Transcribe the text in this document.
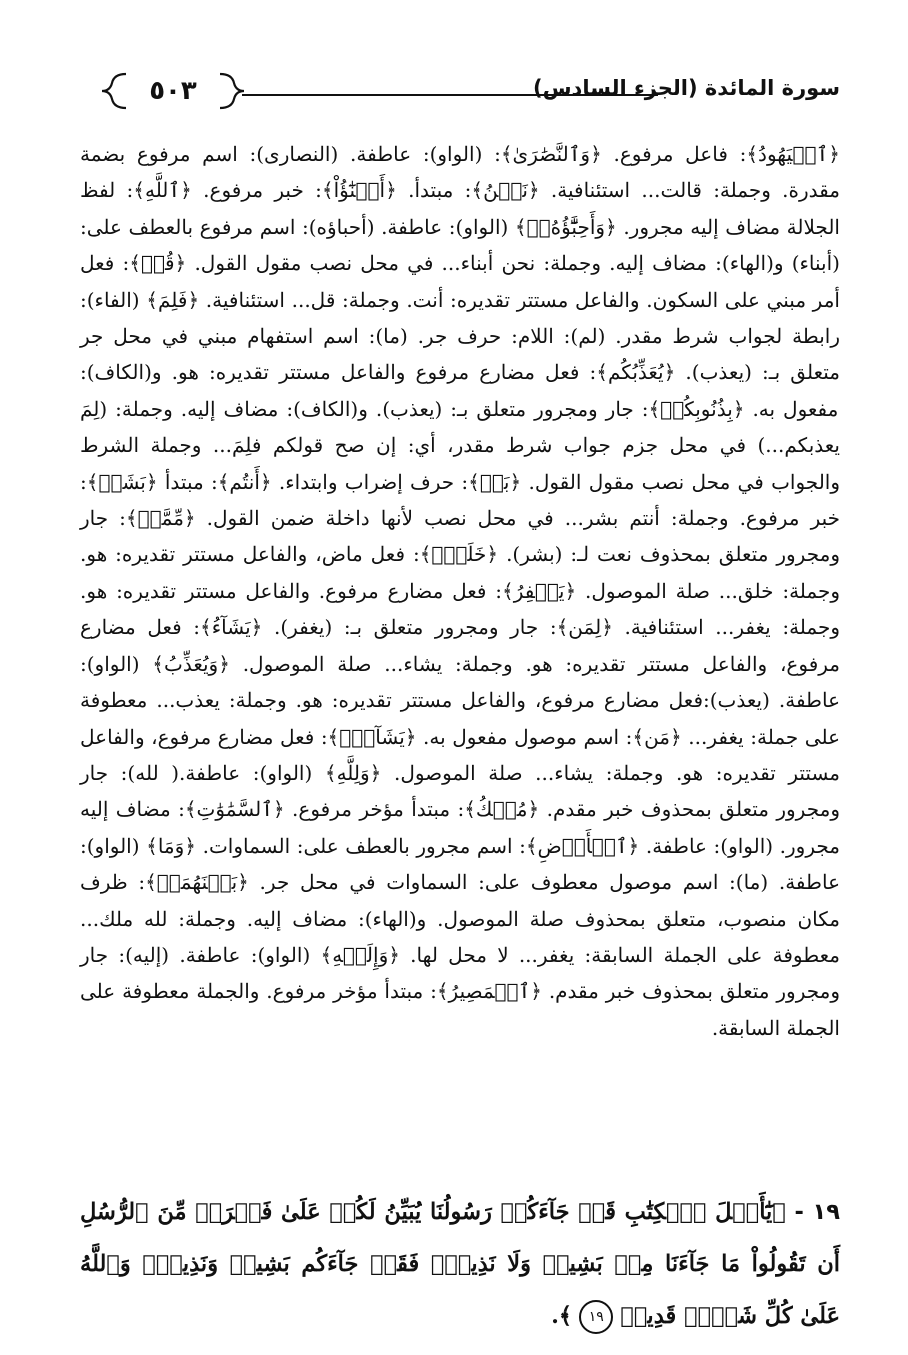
٥٠٣	سورة المائدة (الجزء السادس)
﴿ٱلۡيَهُودُ﴾: فاعل مرفوع. ﴿وَٱلنَّصَٰرَىٰ﴾: (الواو): عاطفة. (النصارى): اسم مرفوع بضمة مقدرة. وجملة: قالت... استئنافية. ﴿نَحۡنُ﴾: مبتدأ. ﴿أَبۡنَٰٓؤُاْ﴾: خبر مرفوع. ﴿ٱللَّهِ﴾: لفظ الجلالة مضاف إليه مجرور. ﴿وَأَحِبَّٰٓؤُهُۥۚ﴾ (الواو): عاطفة. (أحباؤه): اسم مرفوع بالعطف على: (أبناء) و(الهاء): مضاف إليه. وجملة: نحن أبناء... في محل نصب مقول القول. ﴿قُلۡ﴾: فعل أمر مبني على السكون. والفاعل مستتر تقديره: أنت. وجملة: قل... استئنافية. ﴿فَلِمَ﴾ (الفاء): رابطة لجواب شرط مقدر. (لم): اللام: حرف جر. (ما): اسم استفهام مبني في محل جر متعلق بـ: (يعذب). ﴿يُعَذِّبُكُم﴾: فعل مضارع مرفوع والفاعل مستتر تقديره: هو. و(الكاف): مفعول به. ﴿بِذُنُوبِكُمۖ﴾: جار ومجرور متعلق بـ: (يعذب). و(الكاف): مضاف إليه. وجملة: (لِمَ يعذبكم...) في محل جزم جواب شرط مقدر، أي: إن صح قولكم فلِمَ... وجملة الشرط والجواب في محل نصب مقول القول. ﴿بَلۡ﴾: حرف إضراب وابتداء. ﴿أَنتُم﴾: مبتدأ ﴿بَشَرٞ﴾: خبر مرفوع. وجملة: أنتم بشر... في محل نصب لأنها داخلة ضمن القول. ﴿مِّمَّنۡ﴾: جار ومجرور متعلق بمحذوف نعت لـ: (بشر). ﴿خَلَقَۚ﴾: فعل ماض، والفاعل مستتر تقديره: هو. وجملة: خلق... صلة الموصول. ﴿يَغۡفِرُ﴾: فعل مضارع مرفوع. والفاعل مستتر تقديره: هو. وجملة: يغفر... استئنافية. ﴿لِمَن﴾: جار ومجرور متعلق بـ: (يغفر). ﴿يَشَآءُ﴾: فعل مضارع مرفوع، والفاعل مستتر تقديره: هو. وجملة: يشاء... صلة الموصول. ﴿وَيُعَذِّبُ﴾ (الواو): عاطفة. (يعذب):فعل مضارع مرفوع، والفاعل مستتر تقديره: هو. وجملة: يعذب... معطوفة على جملة: يغفر... ﴿مَن﴾: اسم موصول مفعول به. ﴿يَشَآءُۚ﴾: فعل مضارع مرفوع، والفاعل مستتر تقديره: هو. وجملة: يشاء... صلة الموصول. ﴿وَلِلَّهِ﴾ (الواو): عاطفة.( لله): جار ومجرور متعلق بمحذوف خبر مقدم. ﴿مُلۡكُ﴾: مبتدأ مؤخر مرفوع. ﴿ٱلسَّمَٰوَٰتِ﴾: مضاف إليه مجرور. (الواو): عاطفة. ﴿ٱلۡأَرۡضِ﴾: اسم مجرور بالعطف على: السماوات. ﴿وَمَا﴾ (الواو): عاطفة. (ما): اسم موصول معطوف على: السماوات في محل جر. ﴿بَيۡنَهُمَاۖ﴾: ظرف مكان منصوب، متعلق بمحذوف صلة الموصول. و(الهاء): مضاف إليه. وجملة: لله ملك... معطوفة على الجملة السابقة: يغفر... لا محل لها. ﴿وَإِلَيۡهِ﴾ (الواو): عاطفة. (إليه): جار ومجرور متعلق بمحذوف خبر مقدم. ﴿ٱلۡمَصِيرُ﴾: مبتدأ مؤخر مرفوع. والجملة معطوفة على الجملة السابقة.
١٩ - ﴿يَٰٓأَهۡلَ ٱلۡكِتَٰبِ قَدۡ جَآءَكُمۡ رَسُولُنَا يُبَيِّنُ لَكُمۡ عَلَىٰ فَتۡرَةٖ مِّنَ ٱلرُّسُلِ أَن تَقُولُواْ مَا جَآءَنَا مِنۢ بَشِيرٖ وَلَا نَذِيرٖۖ فَقَدۡ جَآءَكُم بَشِيرٞ وَنَذِيرٞۗ وَٱللَّهُ عَلَىٰ كُلِّ شَيۡءٖ قَدِيرٞ ١٩ ﴾.
